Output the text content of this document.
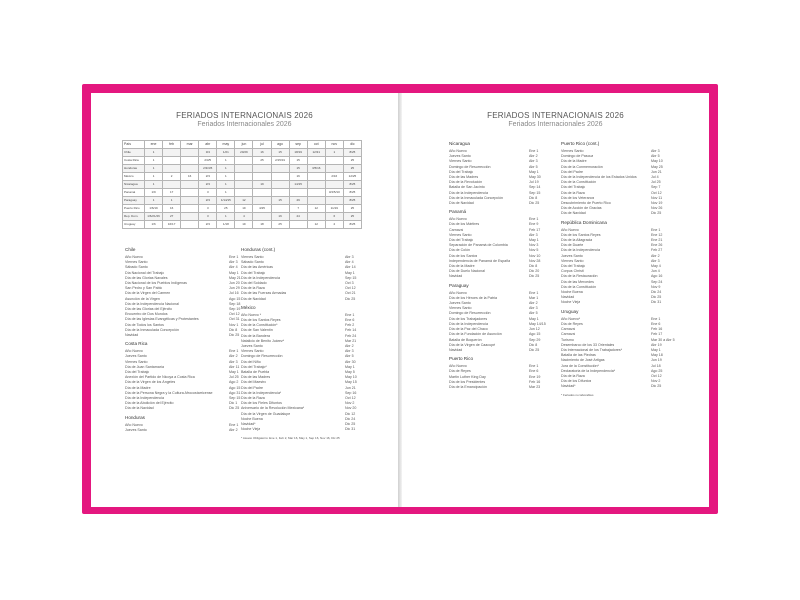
FERIADOS INTERNACIONAIS 2026
Feriados Internacionales 2026
País	ene	feb	mar	abr	may	jun	jul	ago	sep	oct	nov	dic
Chile	1			3/4	1/21	20/29	16	15	18/19	12/31	1	8/25
Costa Rica	1			2/3/5	1		25	2/15/31	15			25
Honduras	1			2/3/4/5	1				15	3/5/16		25
México	1	2	16	2/3	1				16		2/16	12/25
Nicaragua	1			2/3	1		19		14/15			8/25
Panamá	1/9	17		3	1						3/4/5/10	8/25
Paraguay	1	1		2/3	1/14/15	12		15	29			8/25
Puerto Rico	1/6/19	16		3	25	19	4/25		7	12	11/19	25
Rep. Dom.	1/6/21/26	27		3	1	4		16	24		6	25
Uruguay	1/6	16/17		2/3	1/18	19	18	25		12	2	8/25
Chile
Año Nuevo	Ene 1
Viernes Santo	Abr 3
Sábado Santo	Abr 4
Día Nacional del Trabajo	May 1
Día de las Glorias Navales	May 21
Día Nacional de los Pueblos Indígenas	Jun 20
San Pedro y San Pablo	Jun 29
Día de la Virgen del Carmen	Jul 16
Asunción de la Virgen	Ago 15
Día de la Independencia Nacional	Sep 18
Día de las Glorias del Ejército	Sep 19
Encuentro de Dos Mundos	Oct 12
Día de las Iglesias Evangélicas y Protestantes	Oct 31
Día de Todos los Santos	Nov 1
Día de la Inmaculada Concepción	Dic 8
Navidad	Dic 25
Costa Rica
Año Nuevo	Ene 1
Jueves Santo	Abr 2
Viernes Santo	Abr 3
Día de Juan Santamaría	Abr 11
Día del Trabajo	May 1
Anexión del Partido de Nicoya a Costa Rica	Jul 25
Día de la Virgen de los Ángeles	Ago 2
Día de la Madre	Ago 15
Día de la Persona Negra y la Cultura Afrocostarricense	Ago 31
Día de la Independencia	Sep 15
Día de la Abolición del Ejército	Dic 1
Día de la Navidad	Dic 25
Honduras
Año Nuevo	Ene 1
Jueves Santo	Abr 2
Honduras (cont.)
Viernes Santo	Abr 3
Sábado Santo	Abr 4
Día de las Américas	Abr 14
Día del Trabajo	May 1
Día de la Independencia	Sep 15
Día del Soldado	Oct 3
Día de la Raza	Oct 12
Día de las Fuerzas Armadas	Oct 21
Día de Navidad	Dic 25
México
Año Nuevo *	Ene 1
Día de los Santos Reyes	Ene 6
Día de la Constitución*	Feb 2
Día de San Valentín	Feb 14
Día de la Bandera	Feb 24
Natalicio de Benito Juárez*	Mar 21
Jueves Santo	Abr 2
Viernes Santo	Abr 3
Domingo de Resurrección	Abr 5
Día del Niño	Abr 30
Día del Trabajo*	May 1
Batalla de Puebla	May 5
Día de las Madres	May 10
Día del Maestro	May 15
Día del Padre	Jun 21
Día de la Independencia*	Sep 16
Día de la Raza	Oct 12
Día de los Fieles Difuntos	Nov 2
Aniversario de la Revolución Mexicana*	Nov 20
Día de la Virgen de Guadalupe	Dic 12
Noche Buena	Dic 24
Navidad*	Dic 25
Noche Vieja	Dic 31
* Asueto Obligatorio: Ene 1, Feb 2, Mar 16, May 1, Sep 16, Nov 16, Dic 25
FERIADOS INTERNACIONAIS 2026
Feriados Internacionales 2026
Nicaragua
Año Nuevo	Ene 1
Jueves Santo	Abr 2
Viernes Santo	Abr 3
Domingo de Resurrección	Abr 5
Día del Trabajo	May 1
Día de las Madres	May 30
Día de la Revolución	Jul 19
Batalla de San Jacinto	Sep 14
Día de la Independencia	Sep 15
Día de la Inmaculada Concepción	Dic 8
Día de Navidad	Dic 25
Panamá
Año Nuevo	Ene 1
Día de los Mártires	Ene 9
Carnaval	Feb 17
Viernes Santo	Abr 3
Día del Trabajo	May 1
Separación de Panamá de Colombia	Nov 3
Día de Colón	Nov 5
Día de los Santos	Nov 10
Independencia de Panamá de España	Nov 28
Día de la Madre	Dic 8
Día de Duelo Nacional	Dic 20
Navidad	Dic 25
Paraguay
Año Nuevo	Ene 1
Día de los Héroes de la Patria	Mar 1
Jueves Santo	Abr 2
Viernes Santo	Abr 3
Domingo de Resurrección	Abr 5
Día de los Trabajadores	May 1
Día de la Independencia	May 14/15
Día de la Paz del Chaco	Jun 12
Día de la Fundación de Asunción	Ago 15
Batalla de Boquerón	Sep 29
Día de la Virgen de Caacupé	Dic 8
Navidad	Dic 25
Puerto Rico
Año Nuevo	Ene 1
Día de Reyes	Ene 6
Martin Luther King Day	Ene 19
Día de los Presidentes	Feb 16
Día de la Emancipación	Mar 23
Puerto Rico (cont.)
Viernes Santo	Abr 3
Domingo de Pascua	Abr 5
Día de la Madre	May 10
Día de la Conmemoración	May 25
Día del Padre	Jun 21
Día de la Independencia de los Estados Unidos	Jul 4
Día de la Constitución	Jul 25
Día del Trabajo	Sep 7
Día de la Raza	Oct 12
Día de los Veteranos	Nov 11
Descubrimiento de Puerto Rico	Nov 19
Día de Acción de Gracias	Nov 26
Día de Navidad	Dic 25
República Dominicana
Año Nuevo	Ene 1
Día de los Santos Reyes	Ene 12
Día de la Altagracia	Ene 21
Día de Duarte	Ene 26
Día de la Independencia	Feb 27
Jueves Santo	Abr 2
Viernes Santo	Abr 3
Día del Trabajo	May 4
Corpus Christi	Jun 4
Día de la Restauración	Ago 16
Día de las Mercedes	Sep 24
Día de la Constitución	Nov 9
Noche Buena	Dic 24
Navidad	Dic 25
Noche Vieja	Dic 31
Uruguay
Año Nuevo*	Ene 1
Día de Reyes	Ene 6
Carnaval	Feb 16
Carnaval	Feb 17
Turismo	Mar 30 a Abr 5
Desembarco de los 33 Orientales	Abr 19
Día Internacional de los Trabajadores*	May 1
Batalla de las Piedras	May 18
Nacimiento de José Artigas	Jun 19
Jura de la Constitución*	Jul 18
Declaratoria de la Independencia*	Ago 25
Día de la Raza	Oct 12
Día de los Difuntos	Nov 2
Navidad*	Dic 25
* Feriados no laborables
